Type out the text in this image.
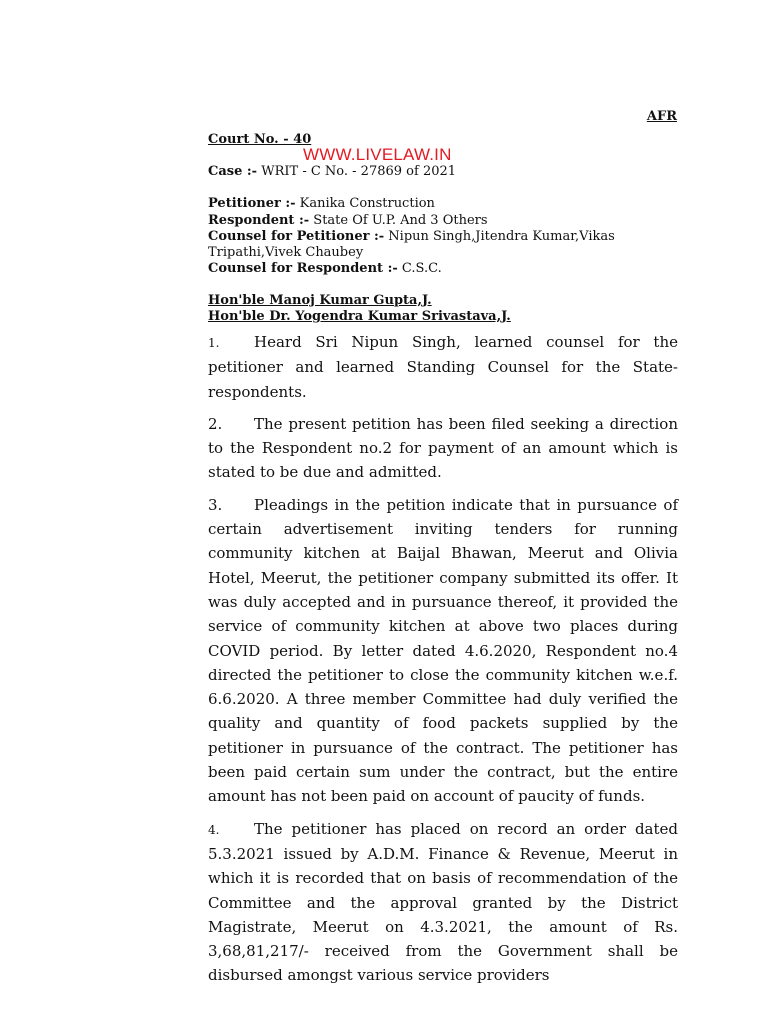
AFR
Court No. - 40
WWW.LIVELAW.IN
Case :- WRIT - C No. - 27869 of 2021
Petitioner :- Kanika Construction
Respondent :- State Of U.P. And 3 Others
Counsel for Petitioner :- Nipun Singh,Jitendra Kumar,Vikas Tripathi,Vivek Chaubey
Counsel for Respondent :- C.S.C.
Hon'ble Manoj Kumar Gupta,J.
Hon'ble Dr. Yogendra Kumar Srivastava,J.

1. Heard Sri Nipun Singh, learned counsel for the petitioner and learned Standing Counsel for the State-respondents.

2. The present petition has been filed seeking a direction to the Respondent no.2 for payment of an amount which is stated to be due and admitted.

3. Pleadings in the petition indicate that in pursuance of certain advertisement inviting tenders for running community kitchen at Baijal Bhawan, Meerut and Olivia Hotel, Meerut, the petitioner company submitted its offer. It was duly accepted and in pursuance thereof, it provided the service of community kitchen at above two places during COVID period. By letter dated 4.6.2020, Respondent no.4 directed the petitioner to close the community kitchen w.e.f. 6.6.2020. A three member Committee had duly verified the quality and quantity of food packets supplied by the petitioner in pursuance of the contract. The petitioner has been paid certain sum under the contract, but the entire amount has not been paid on account of paucity of funds.

4. The petitioner has placed on record an order dated 5.3.2021 issued by A.D.M. Finance & Revenue, Meerut in which it is recorded that on basis of recommendation of the Committee and the approval granted by the District Magistrate, Meerut on 4.3.2021, the amount of Rs. 3,68,81,217/- received from the Government shall be disbursed amongst various service providers
